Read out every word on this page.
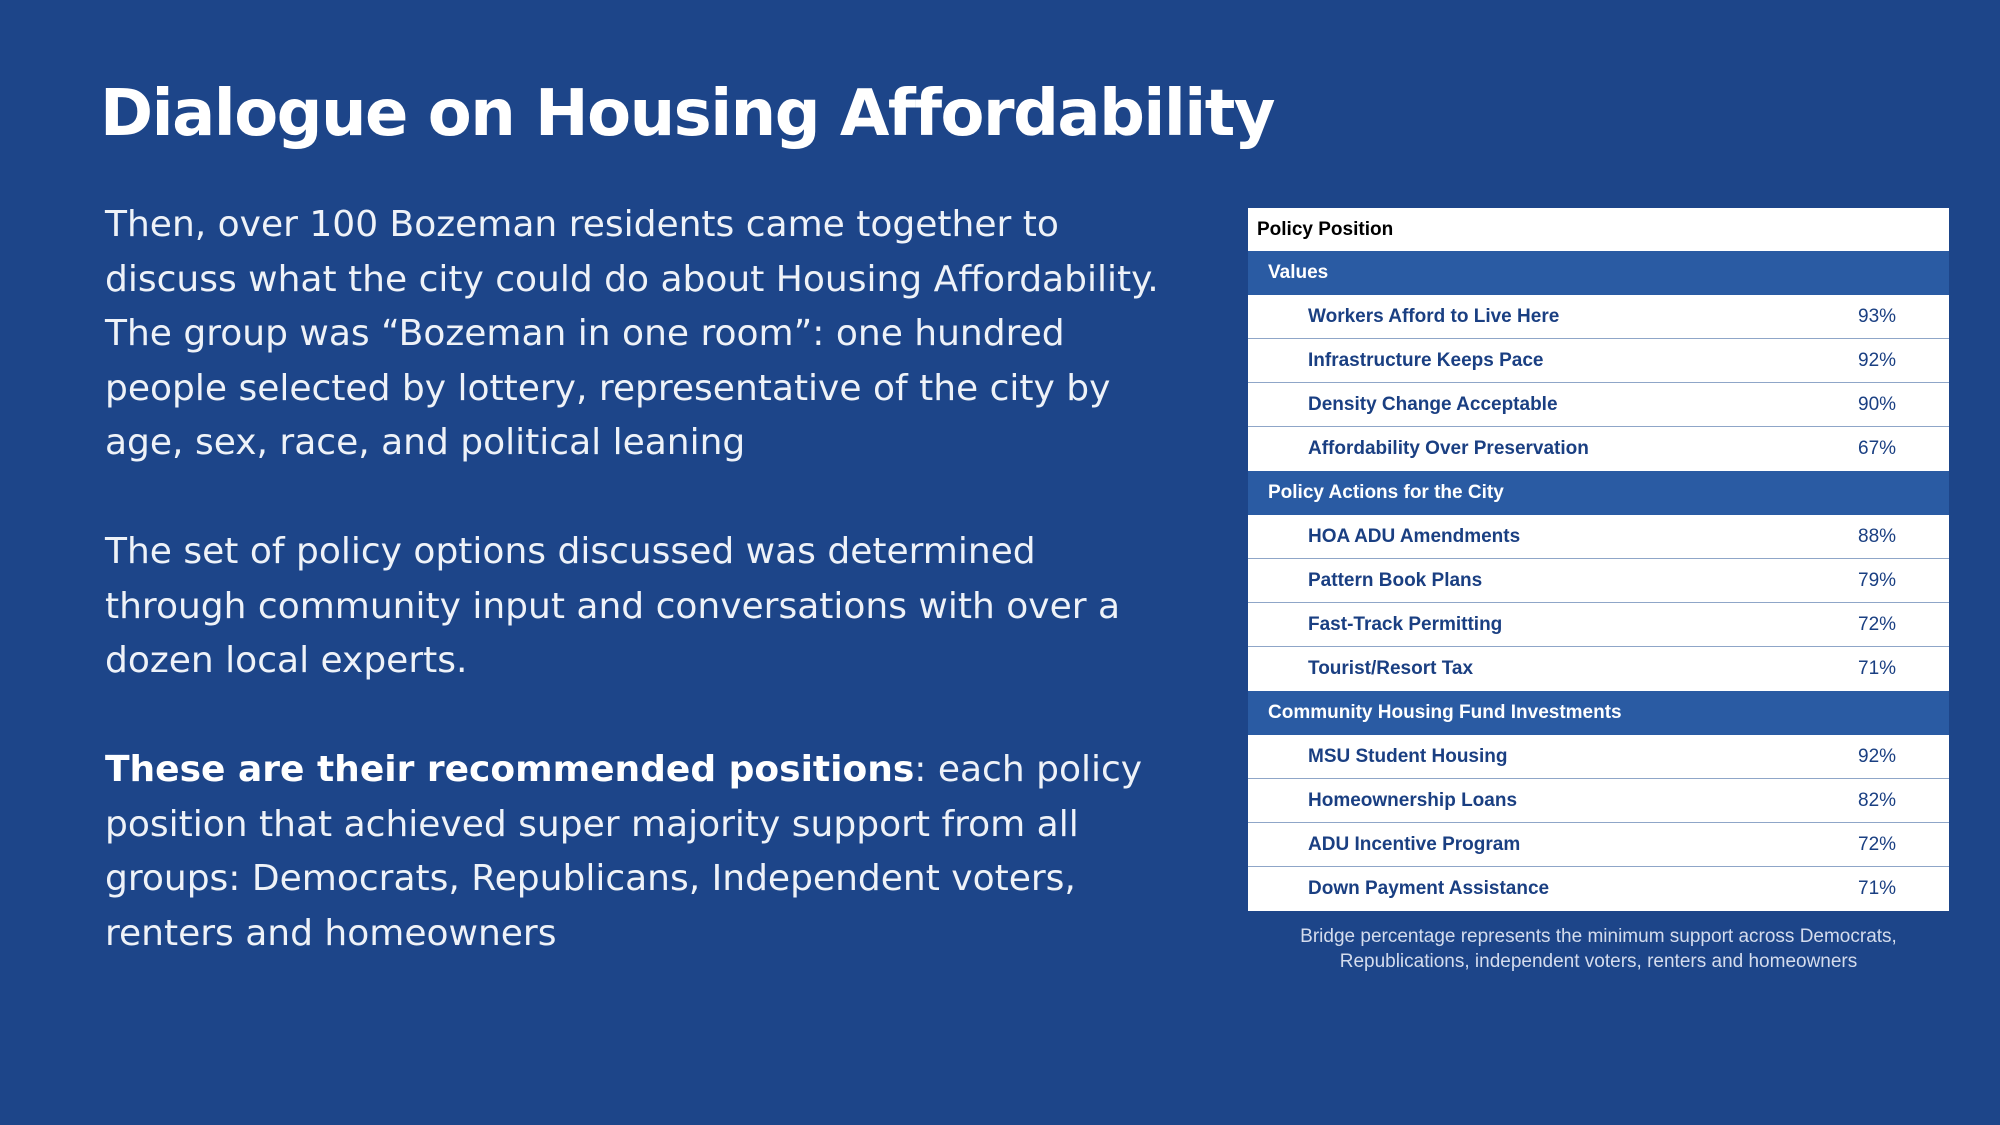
Dialogue on Housing Affordability

Then, over 100 Bozeman residents came together to discuss what the city could do about Housing Affordability. The group was “Bozeman in one room”: one hundred people selected by lottery, representative of the city by age, sex, race, and political leaning

The set of policy options discussed was determined through community input and conversations with over a dozen local experts.

These are their recommended positions: each policy position that achieved super majority support from all groups: Democrats, Republicans, Independent voters, renters and homeowners

Policy Position
Values
Workers Afford to Live Here	93%
Infrastructure Keeps Pace	92%
Density Change Acceptable	90%
Affordability Over Preservation	67%
Policy Actions for the City
HOA ADU Amendments	88%
Pattern Book Plans	79%
Fast-Track Permitting	72%
Tourist/Resort Tax	71%
Community Housing Fund Investments
MSU Student Housing	92%
Homeownership Loans	82%
ADU Incentive Program	72%
Down Payment Assistance	71%
Bridge percentage represents the minimum support across Democrats,
Republications, independent voters, renters and homeowners
